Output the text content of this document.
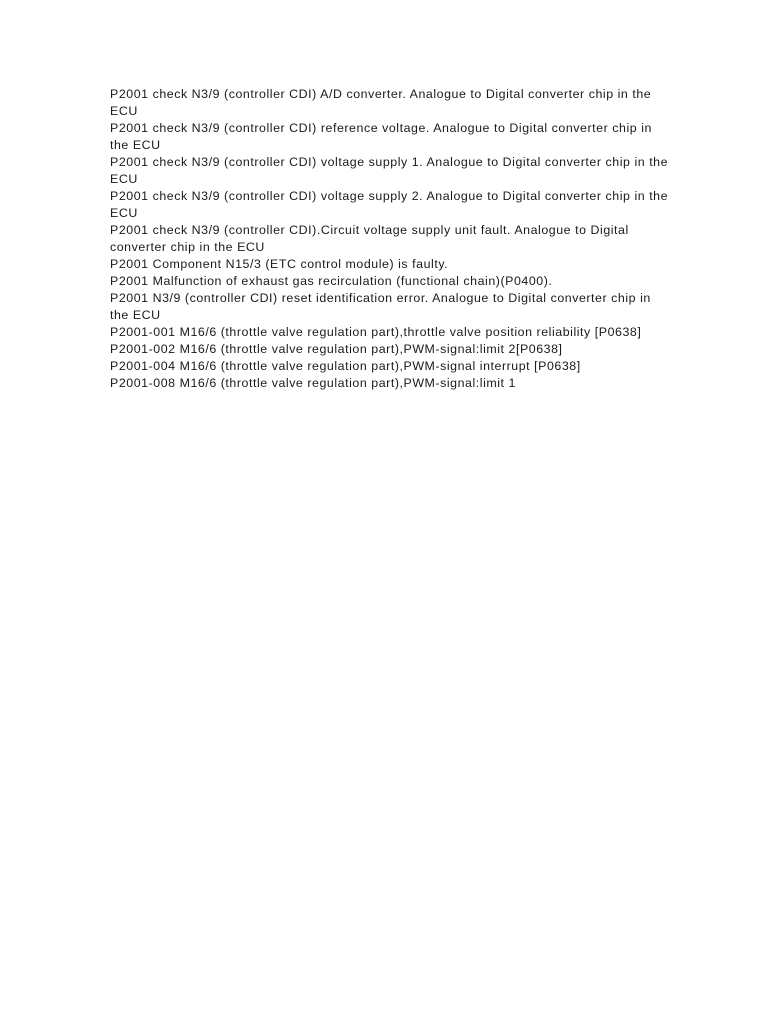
P2001 check N3/9 (controller CDI) A/D converter. Analogue to Digital converter chip in the ECU

P2001 check N3/9 (controller CDI) reference voltage. Analogue to Digital converter chip in the ECU

P2001 check N3/9 (controller CDI) voltage supply 1. Analogue to Digital converter chip in the ECU

P2001 check N3/9 (controller CDI) voltage supply 2. Analogue to Digital converter chip in the ECU

P2001 check N3/9 (controller CDI).Circuit voltage supply unit fault. Analogue to Digital converter chip in the ECU

P2001 Component N15/3 (ETC control module) is faulty.

P2001 Malfunction of exhaust gas recirculation (functional chain)(P0400).

P2001 N3/9 (controller CDI) reset identification error. Analogue to Digital converter chip in the ECU

P2001-001 M16/6 (throttle valve regulation part),throttle valve position reliability [P0638]

P2001-002 M16/6 (throttle valve regulation part),PWM-signal:limit 2[P0638]

P2001-004 M16/6 (throttle valve regulation part),PWM-signal interrupt [P0638]

P2001-008 M16/6 (throttle valve regulation part),PWM-signal:limit 1
